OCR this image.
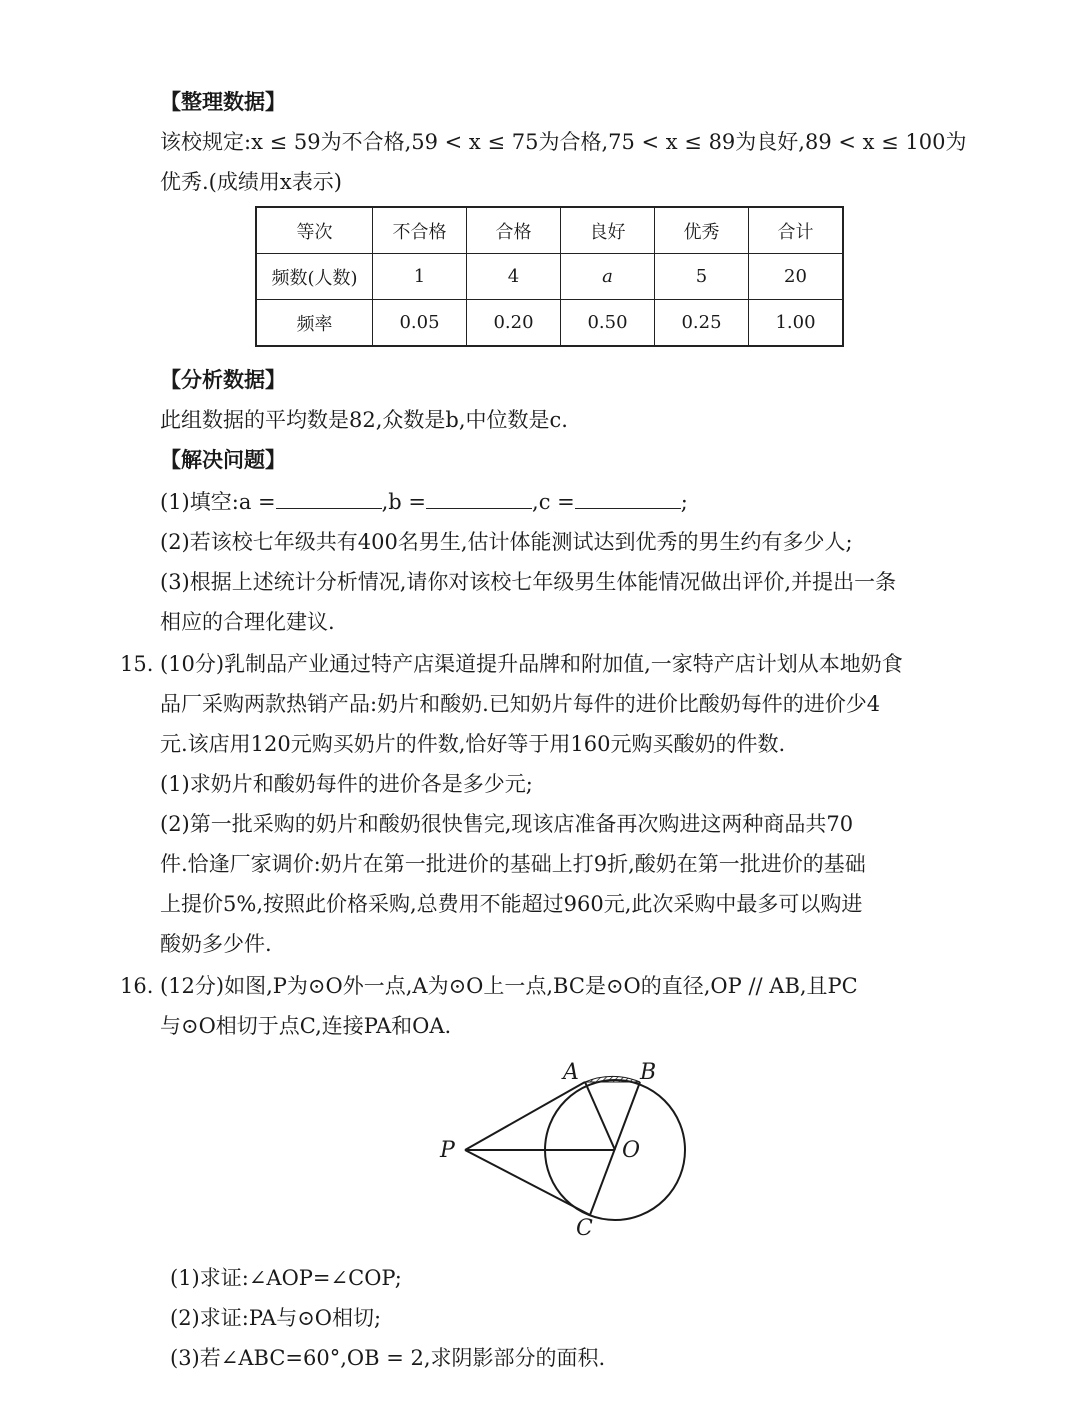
【整理数据】
该校规定:x ≤ 59为不合格,59 < x ≤ 75为合格,75 < x ≤ 89为良好,89 < x ≤ 100为
优秀.(成绩用x表示)
等次	不合格	合格	良好	优秀	合计
频数(人数)	1	4	a	5	20
频率	0.05	0.20	0.50	0.25	1.00
【分析数据】
此组数据的平均数是82,众数是b,中位数是c.
【解决问题】
(1)填空:a =	,b =	,c =	;
(2)若该校七年级共有400名男生,估计体能测试达到优秀的男生约有多少人;
(3)根据上述统计分析情况,请你对该校七年级男生体能情况做出评价,并提出一条
相应的合理化建议.
15. (10分)乳制品产业通过特产店渠道提升品牌和附加值,一家特产店计划从本地奶食
品厂采购两款热销产品:奶片和酸奶.已知奶片每件的进价比酸奶每件的进价少4
元.该店用120元购买奶片的件数,恰好等于用160元购买酸奶的件数.
(1)求奶片和酸奶每件的进价各是多少元;
(2)第一批采购的奶片和酸奶很快售完,现该店准备再次购进这两种商品共70
件.恰逢厂家调价:奶片在第一批进价的基础上打9折,酸奶在第一批进价的基础
上提价5%,按照此价格采购,总费用不能超过960元,此次采购中最多可以购进
酸奶多少件.
16. (12分)如图,P为⊙O外一点,A为⊙O上一点,BC是⊙O的直径,OP // AB,且PC
与⊙O相切于点C,连接PA和OA.
A	B
P	O
C
(1)求证:∠AOP=∠COP;
(2)求证:PA与⊙O相切;
(3)若∠ABC=60°,OB = 2,求阴影部分的面积.
